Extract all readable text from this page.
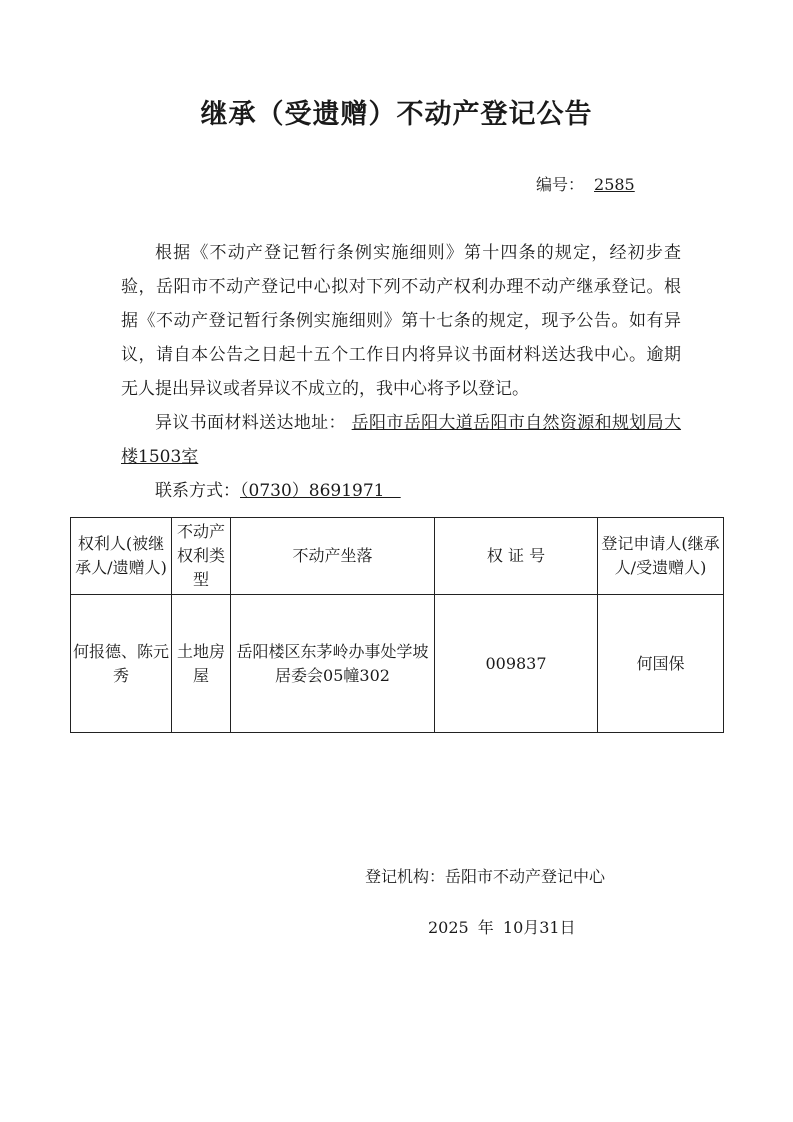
继承（受遗赠）不动产登记公告
编号： 2585

根据《不动产登记暂行条例实施细则》第十四条的规定，经初步查验，岳阳市不动产登记中心拟对下列不动产权利办理不动产继承登记。根据《不动产登记暂行条例实施细则》第十七条的规定，现予公告。如有异议，请自本公告之日起十五个工作日内将异议书面材料送达我中心。逾期无人提出异议或者异议不成立的，我中心将予以登记。

异议书面材料送达地址： 岳阳市岳阳大道岳阳市自然资源和规划局大楼1503室

联系方式：（0730）8691971

权利人(被继承人/遗赠人)	不动产权利类型	不动产坐落	权 证 号	登记申请人(继承人/受遗赠人)
何报德、陈元秀	土地房屋	岳阳楼区东茅岭办事处学坡居委会05幢302	009837	何国保
登记机构：岳阳市不动产登记中心
2025 年 10月31日
